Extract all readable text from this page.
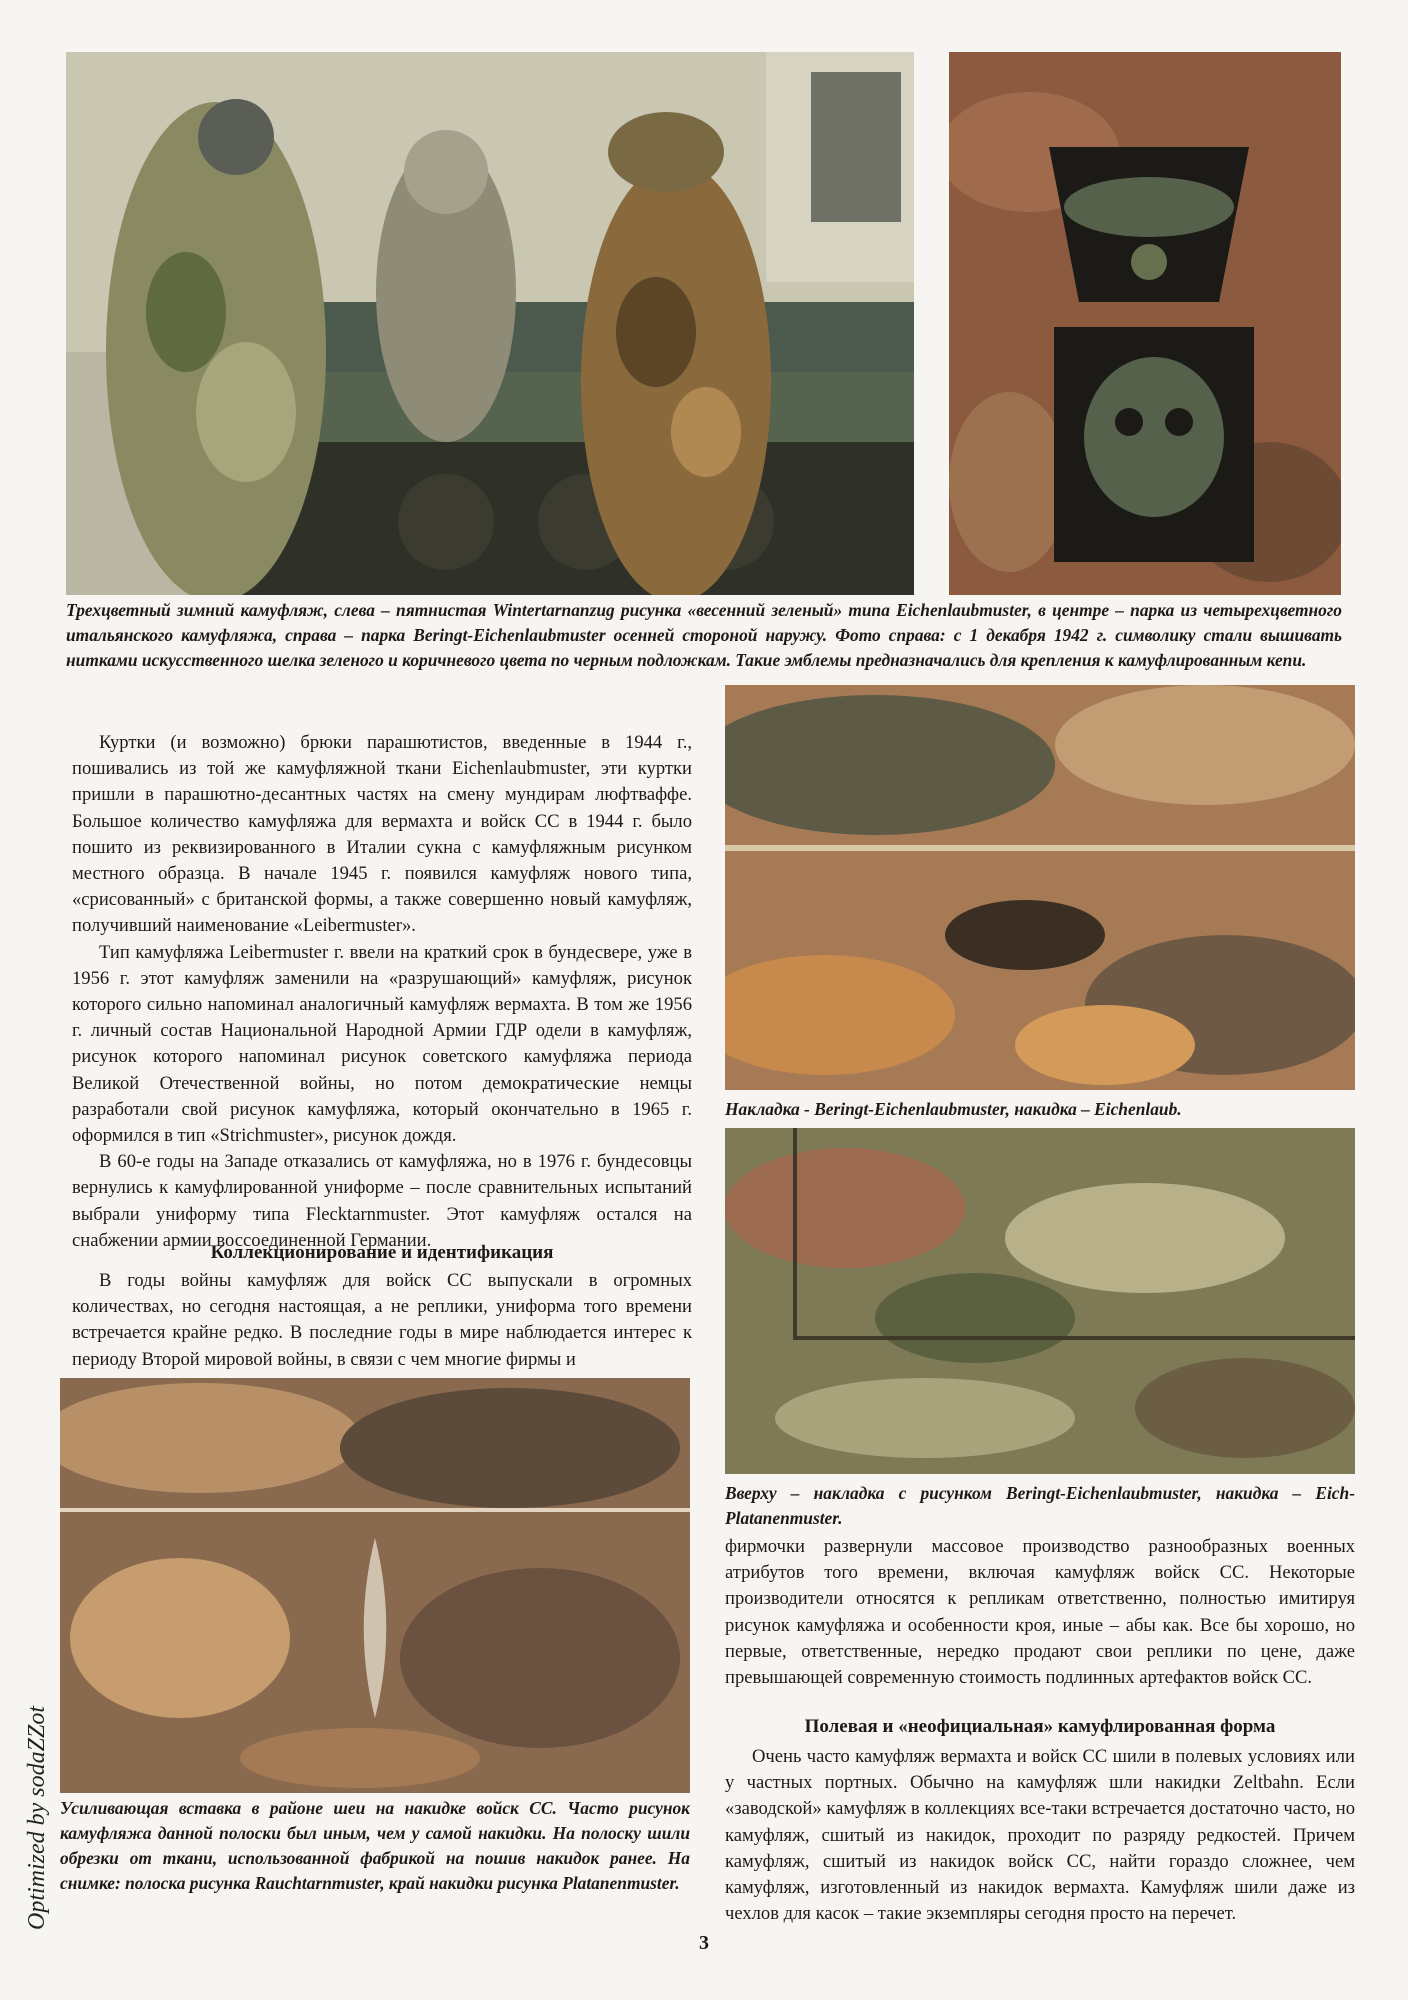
Трехцветный зимний камуфляж, слева – пятнистая Wintertarnanzug рисунка «весенний зеленый» типа Eichenlaubmuster, в центре – парка из четырехцветного итальянского камуфляжа, справа – парка Beringt-Eichenlaubmuster осенней стороной наружу. Фото справа: с 1 декабря 1942 г. символику стали вышивать нитками искусственного шелка зеленого и коричневого цвета по черным подложкам. Такие эмблемы предназначались для крепления к камуфлированным кепи.

Куртки (и возможно) брюки парашютистов, введенные в 1944 г., пошивались из той же камуфляжной ткани Eichenlaubmuster, эти куртки пришли в парашютно-десантных частях на смену мундирам люфтваффе. Большое количество камуфляжа для вермахта и войск СС в 1944 г. было пошито из реквизированного в Италии сукна с камуфляжным рисунком местного образца. В начале 1945 г. появился камуфляж нового типа, «срисованный» с британской формы, а также совершенно новый камуфляж, получивший наименование «Leibermuster».

Тип камуфляжа Leibermuster г. ввели на краткий срок в бундесвере, уже в 1956 г. этот камуфляж заменили на «разрушающий» камуфляж, рисунок которого сильно напоминал аналогичный камуфляж вермахта. В том же 1956 г. личный состав Национальной Народной Армии ГДР одели в камуфляж, рисунок которого напоминал рисунок советского камуфляжа периода Великой Отечественной войны, но потом демократические немцы разработали свой рисунок камуфляжа, который окончательно в 1965 г. оформился в тип «Strichmuster», рисунок дождя.

В 60-е годы на Западе отказались от камуфляжа, но в 1976 г. бундесовцы вернулись к камуфлированной униформе – после сравнительных испытаний выбрали униформу типа Flecktarnmuster. Этот камуфляж остался на снабжении армии воссоединенной Германии.

Коллекционирование и идентификация

В годы войны камуфляж для войск СС выпускали в огромных количествах, но сегодня настоящая, а не реплики, униформа того времени встречается крайне редко. В последние годы в мире наблюдается интерес к периоду Второй мировой войны, в связи с чем многие фирмы и

Накладка - Beringt-Eichenlaubmuster, накидка – Eichenlaub.

Вверху – накладка с рисунком Beringt-Eichenlaubmuster, накидка – Eich-Platanenmuster.

фирмочки развернули массовое производство разнообразных военных атрибутов того времени, включая камуфляж войск СС. Некоторые производители относятся к репликам ответственно, полностью имитируя рисунок камуфляжа и особенности кроя, иные – абы как. Все бы хорошо, но первые, ответственные, нередко продают свои реплики по цене, даже превышающей современную стоимость подлинных артефактов войск СС.

Полевая и «неофициальная» камуфлированная форма

Очень часто камуфляж вермахта и войск СС шили в полевых условиях или у частных портных. Обычно на камуфляж шли накидки Zeltbahn. Если «заводской» камуфляж в коллекциях все-таки встречается достаточно часто, но камуфляж, сшитый из накидок, проходит по разряду редкостей. Причем камуфляж, сшитый из накидок войск СС, найти гораздо сложнее, чем камуфляж, изготовленный из накидок вермахта. Камуфляж шили даже из чехлов для касок – такие экземпляры сегодня просто на перечет.

Усиливающая вставка в районе шеи на накидке войск СС. Часто рисунок камуфляжа данной полоски был иным, чем у самой накидки. На полоску шили обрезки от ткани, использованной фабрикой на пошив накидок ранее. На снимке: полоска рисунка Rauchtarnmuster, край накидки рисунка Platanenmuster.

3
Optimized by sodaZZot
